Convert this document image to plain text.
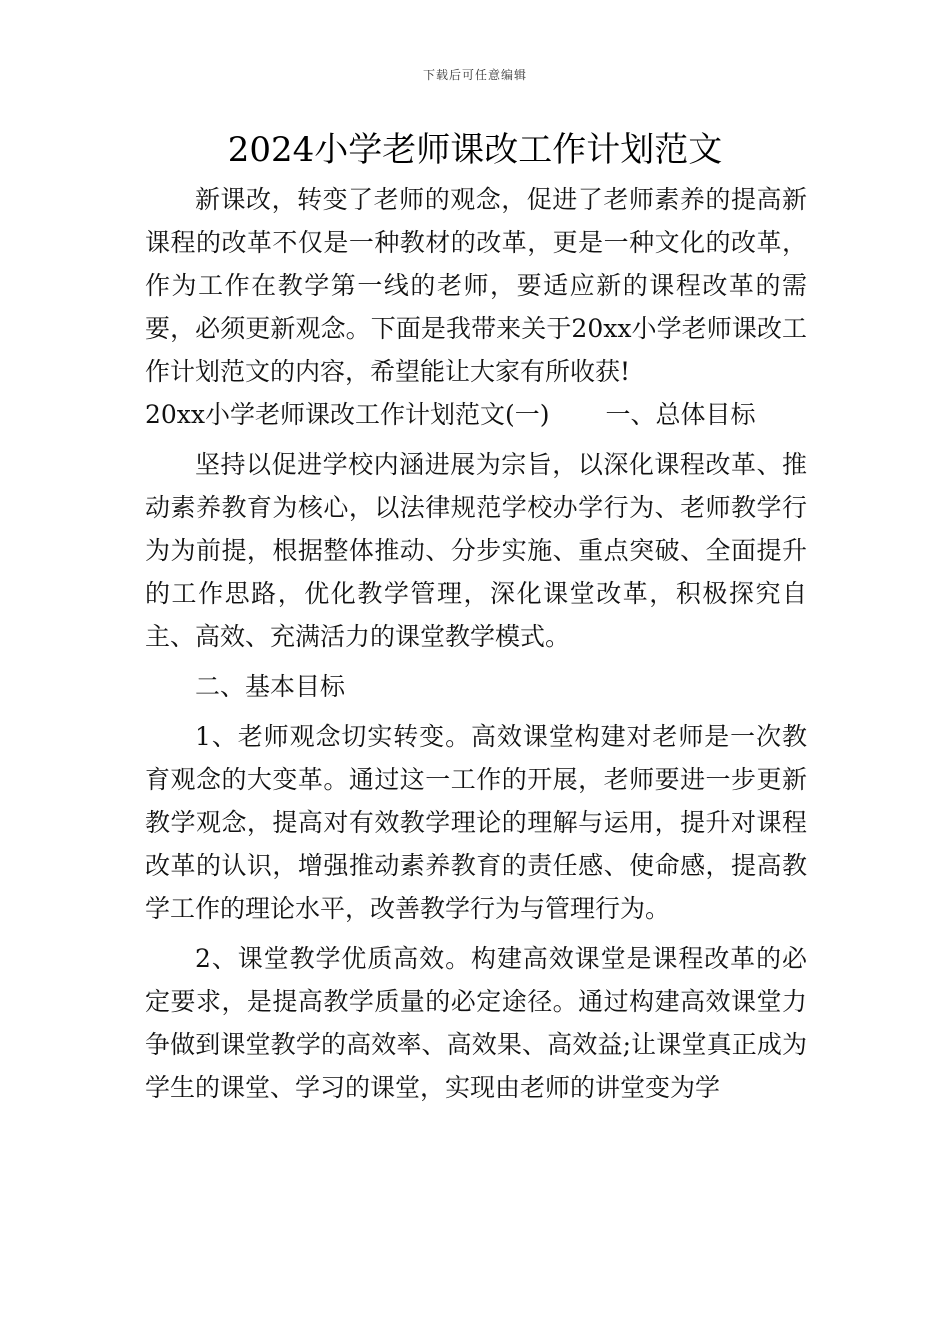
下载后可任意编辑
2024小学老师课改工作计划范文

新课改，转变了老师的观念，促进了老师素养的提高新课程的改革不仅是一种教材的改革，更是一种文化的改革，作为工作在教学第一线的老师，要适应新的课程改革的需要，必须更新观念。下面是我带来关于20xx小学老师课改工作计划范文的内容，希望能让大家有所收获!

20xx小学老师课改工作计划范文(一) 一、总体目标

坚持以促进学校内涵进展为宗旨，以深化课程改革、推动素养教育为核心，以法律规范学校办学行为、老师教学行为为前提，根据整体推动、分步实施、重点突破、全面提升的工作思路，优化教学管理，深化课堂改革，积极探究自主、高效、充满活力的课堂教学模式。

二、基本目标

1、老师观念切实转变。高效课堂构建对老师是一次教育观念的大变革。通过这一工作的开展，老师要进一步更新教学观念，提高对有效教学理论的理解与运用，提升对课程改革的认识，增强推动素养教育的责任感、使命感，提高教学工作的理论水平，改善教学行为与管理行为。

2、课堂教学优质高效。构建高效课堂是课程改革的必定要求，是提高教学质量的必定途径。通过构建高效课堂力争做到课堂教学的高效率、高效果、高效益;让课堂真正成为学生的课堂、学习的课堂，实现由老师的讲堂变为学
